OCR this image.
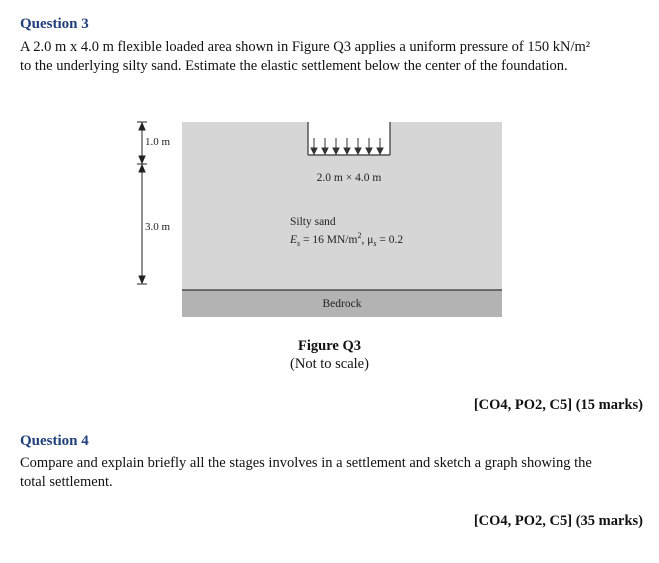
Question 3
A 2.0 m x 4.0 m flexible loaded area shown in Figure Q3 applies a uniform pressure of 150 kN/m²
to the underlying silty sand. Estimate the elastic settlement below the center of the foundation.
1.0 m
3.0 m
2.0 m × 4.0 m
Silty sand
$E_s = 16$ $MN/m^2$, $\mu_s = 0.2$
Bedrock
Figure Q3
(Not to scale)
[CO4, PO2, C5] (15 marks)
Question 4
Compare and explain briefly all the stages involves in a settlement and sketch a graph showing the
total settlement.
[CO4, PO2, C5] (35 marks)
